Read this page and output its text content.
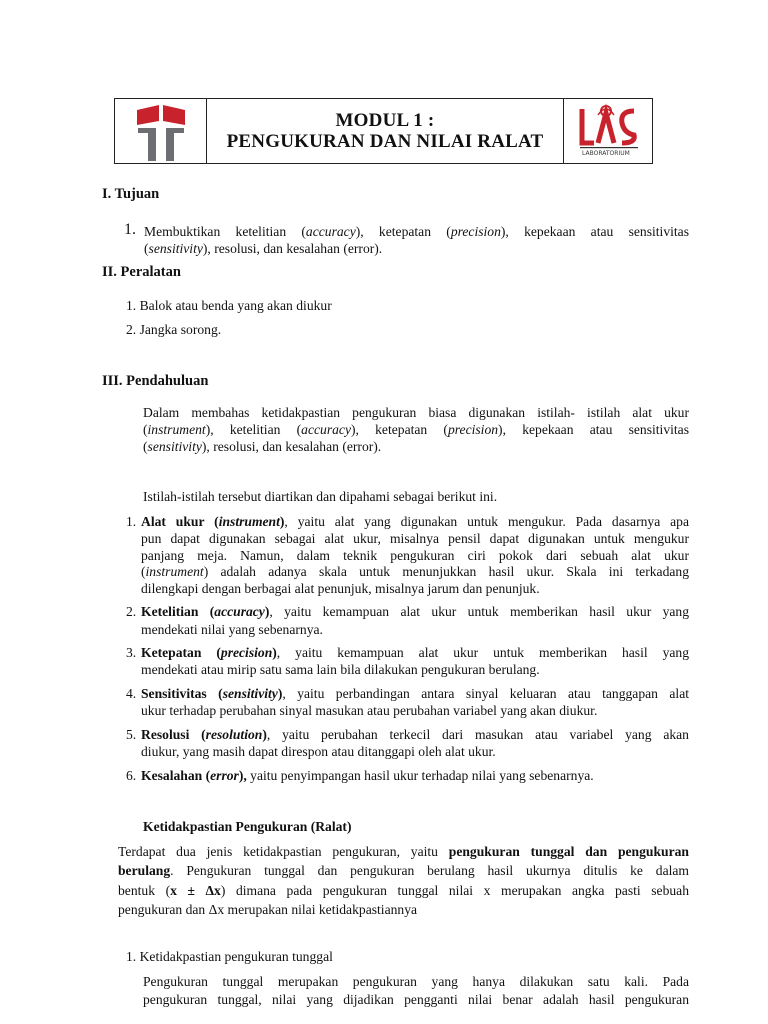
MODUL 1 :
PENGUKURAN DAN NILAI RALAT
LABORATORIUM
I. Tujuan
1. Membuktikan ketelitian (accuracy), ketepatan (precision), kepekaan atau sensitivitas
(sensitivity), resolusi, dan kesalahan (error).
II. Peralatan
1. Balok atau benda yang akan diukur
2. Jangka sorong.
III. Pendahuluan
Dalam membahas ketidakpastian pengukuran biasa digunakan istilah- istilah alat ukur
(instrument), ketelitian (accuracy), ketepatan (precision), kepekaan atau sensitivitas
(sensitivity), resolusi, dan kesalahan (error).
Istilah-istilah tersebut diartikan dan dipahami sebagai berikut ini.
1. Alat ukur (instrument), yaitu alat yang digunakan untuk mengukur. Pada dasarnya apa
pun dapat digunakan sebagai alat ukur, misalnya pensil dapat digunakan untuk mengukur
panjang meja. Namun, dalam teknik pengukuran ciri pokok dari sebuah alat ukur
(instrument) adalah adanya skala untuk menunjukkan hasil ukur. Skala ini terkadang
dilengkapi dengan berbagai alat penunjuk, misalnya jarum dan penunjuk.
2. Ketelitian (accuracy), yaitu kemampuan alat ukur untuk memberikan hasil ukur yang
mendekati nilai yang sebenarnya.
3. Ketepatan (precision), yaitu kemampuan alat ukur untuk memberikan hasil yang
mendekati atau mirip satu sama lain bila dilakukan pengukuran berulang.
4. Sensitivitas (sensitivity), yaitu perbandingan antara sinyal keluaran atau tanggapan alat
ukur terhadap perubahan sinyal masukan atau perubahan variabel yang akan diukur.
5. Resolusi (resolution), yaitu perubahan terkecil dari masukan atau variabel yang akan
diukur, yang masih dapat direspon atau ditanggapi oleh alat ukur.
6. Kesalahan (error), yaitu penyimpangan hasil ukur terhadap nilai yang sebenarnya.
Ketidakpastian Pengukuran (Ralat)
Terdapat dua jenis ketidakpastian pengukuran, yaitu pengukuran tunggal dan pengukuran
berulang. Pengukuran tunggal dan pengukuran berulang hasil ukurnya ditulis ke dalam
bentuk (x ± Δx) dimana pada pengukuran tunggal nilai x merupakan angka pasti sebuah
pengukuran dan Δx merupakan nilai ketidakpastiannya
1. Ketidakpastian pengukuran tunggal
Pengukuran tunggal merupakan pengukuran yang hanya dilakukan satu kali. Pada
pengukuran tunggal, nilai yang dijadikan pengganti nilai benar adalah hasil pengukuran
